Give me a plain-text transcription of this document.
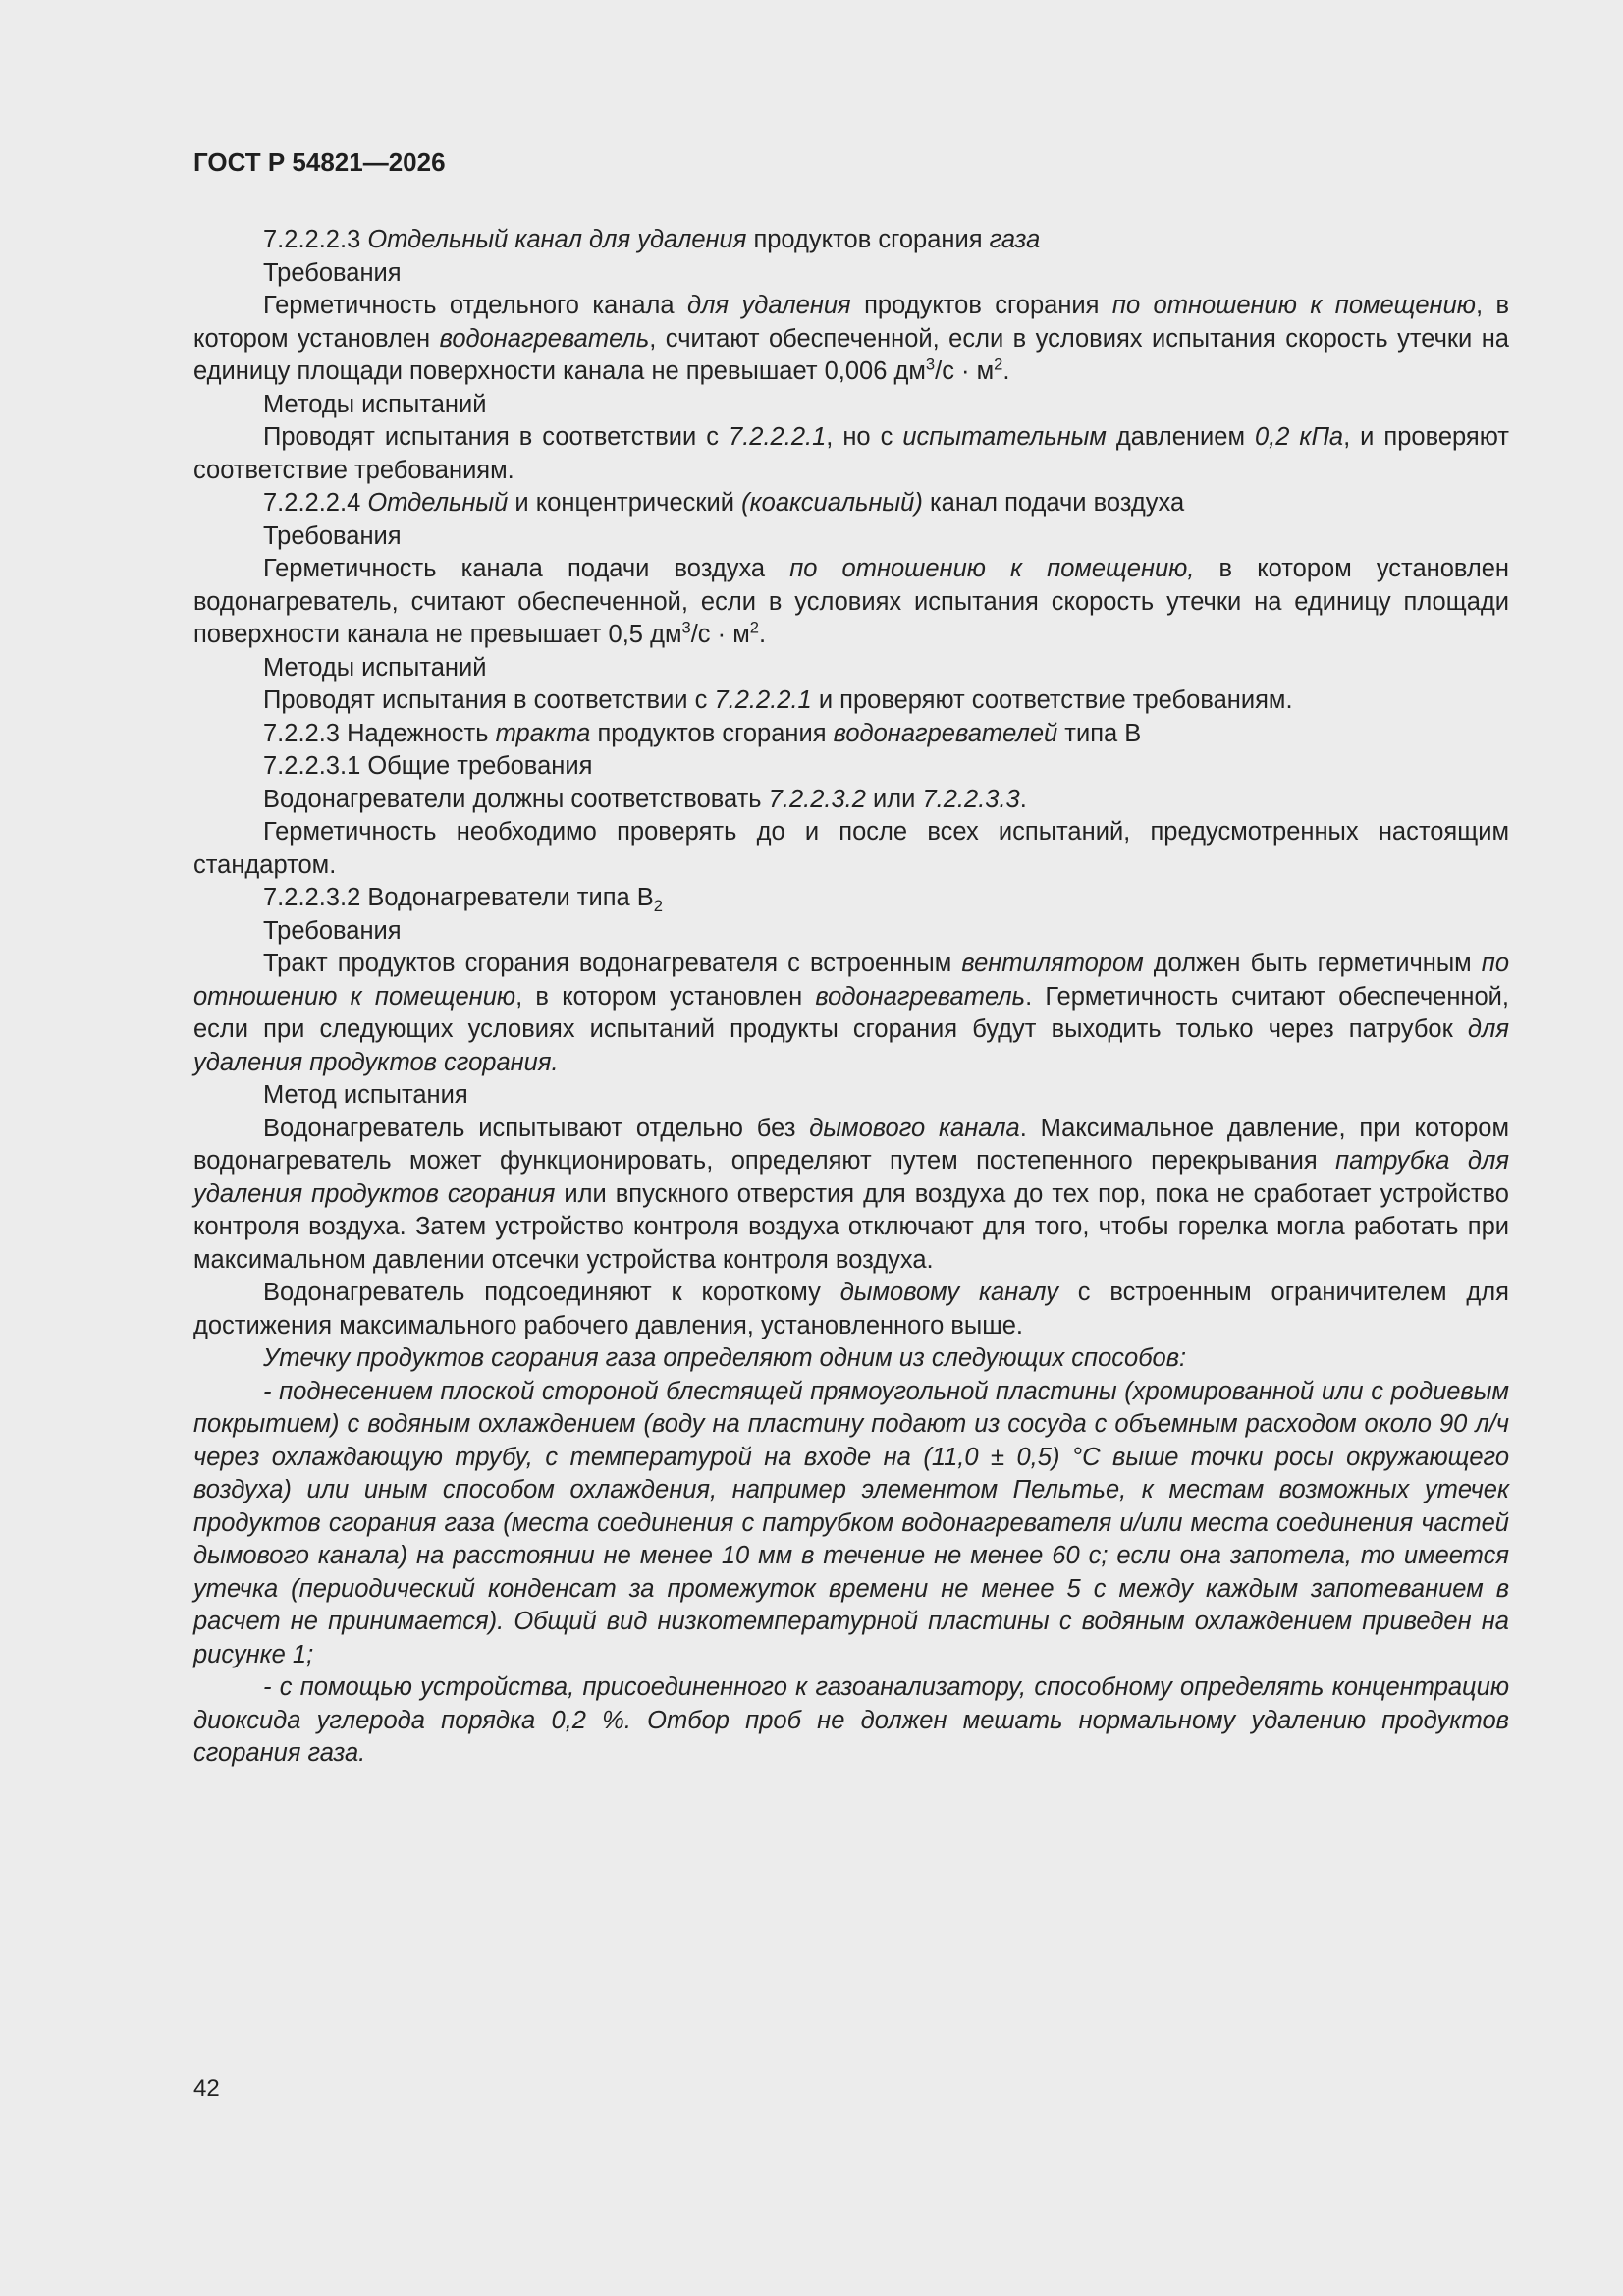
ГОСТ Р 54821—2026

7.2.2.2.3 Отдельный канал для удаления продуктов сгорания газа

Требования

Герметичность отдельного канала для удаления продуктов сгорания по отношению к помещению, в котором установлен водонагреватель, считают обеспеченной, если в условиях испытания скорость утечки на единицу площади поверхности канала не превышает 0,006 $дм^3/с \cdot м^2$.

Методы испытаний

Проводят испытания в соответствии с 7.2.2.2.1, но с испытательным давлением 0,2 кПа, и проверяют соответствие требованиям.

7.2.2.2.4 Отдельный и концентрический (коаксиальный) канал подачи воздуха

Требования

Герметичность канала подачи воздуха по отношению к помещению, в котором установлен водонагреватель, считают обеспеченной, если в условиях испытания скорость утечки на единицу площади поверхности канала не превышает 0,5 $дм^3/с \cdot м^2$.

Методы испытаний

Проводят испытания в соответствии с 7.2.2.2.1 и проверяют соответствие требованиям.

7.2.2.3 Надежность тракта продуктов сгорания водонагревателей типа В

7.2.2.3.1 Общие требования

Водонагреватели должны соответствовать 7.2.2.3.2 или 7.2.2.3.3.

Герметичность необходимо проверять до и после всех испытаний, предусмотренных настоящим стандартом.

7.2.2.3.2 Водонагреватели типа $В_2$

Требования

Тракт продуктов сгорания водонагревателя с встроенным вентилятором должен быть герметичным по отношению к помещению, в котором установлен водонагреватель. Герметичность считают обеспеченной, если при следующих условиях испытаний продукты сгорания будут выходить только через патрубок для удаления продуктов сгорания.

Метод испытания

Водонагреватель испытывают отдельно без дымового канала. Максимальное давление, при котором водонагреватель может функционировать, определяют путем постепенного перекрывания патрубка для удаления продуктов сгорания или впускного отверстия для воздуха до тех пор, пока не сработает устройство контроля воздуха. Затем устройство контроля воздуха отключают для того, чтобы горелка могла работать при максимальном давлении отсечки устройства контроля воздуха.

Водонагреватель подсоединяют к короткому дымовому каналу с встроенным ограничителем для достижения максимального рабочего давления, установленного выше.

Утечку продуктов сгорания газа определяют одним из следующих способов:

- поднесением плоской стороной блестящей прямоугольной пластины (хромированной или с родиевым покрытием) с водяным охлаждением (воду на пластину подают из сосуда с объемным расходом около 90 л/ч через охлаждающую трубу, с температурой на входе на (11,0 ± 0,5) °С выше точки росы окружающего воздуха) или иным способом охлаждения, например элементом Пельтье, к местам возможных утечек продуктов сгорания газа (места соединения с патрубком водонагревателя и/или места соединения частей дымового канала) на расстоянии не менее 10 мм в течение не менее 60 с; если она запотела, то имеется утечка (периодический конденсат за промежуток времени не менее 5 с между каждым запотеванием в расчет не принимается). Общий вид низкотемпературной пластины с водяным охлаждением приведен на рисунке 1;

- с помощью устройства, присоединенного к газоанализатору, способному определять концентрацию диоксида углерода порядка 0,2 %. Отбор проб не должен мешать нормальному удалению продуктов сгорания газа.

42
